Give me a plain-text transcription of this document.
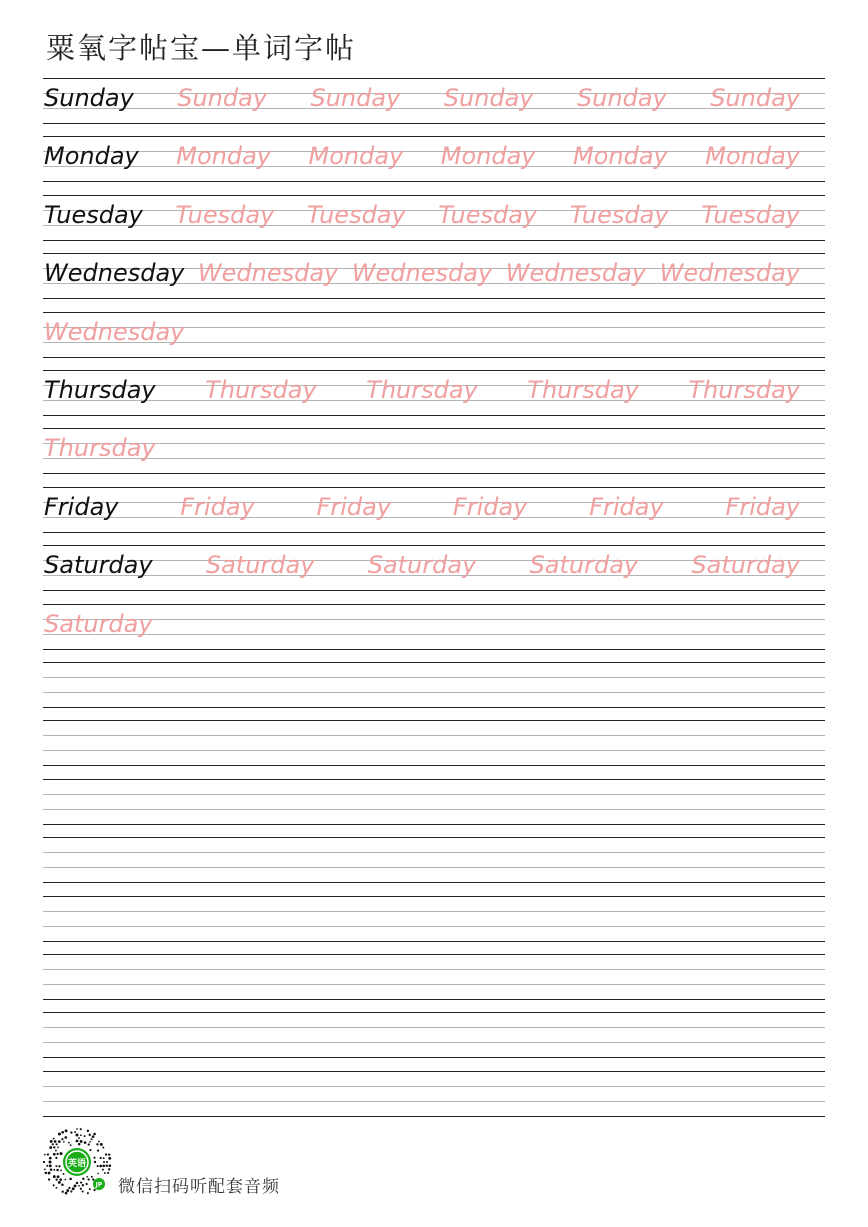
粟氧字帖宝—单词字帖
Sunday Sunday Sunday Sunday Sunday Sunday
Monday Monday Monday Monday Monday Monday
Tuesday Tuesday Tuesday Tuesday Tuesday Tuesday
Wednesday Wednesday Wednesday Wednesday Wednesday
Wednesday
Thursday Thursday Thursday Thursday Thursday
Thursday
Friday	Friday	Friday	Friday	Friday	Friday
Saturday Saturday Saturday Saturday Saturday
Saturday
英语
JP 微信扫码听配套音频
